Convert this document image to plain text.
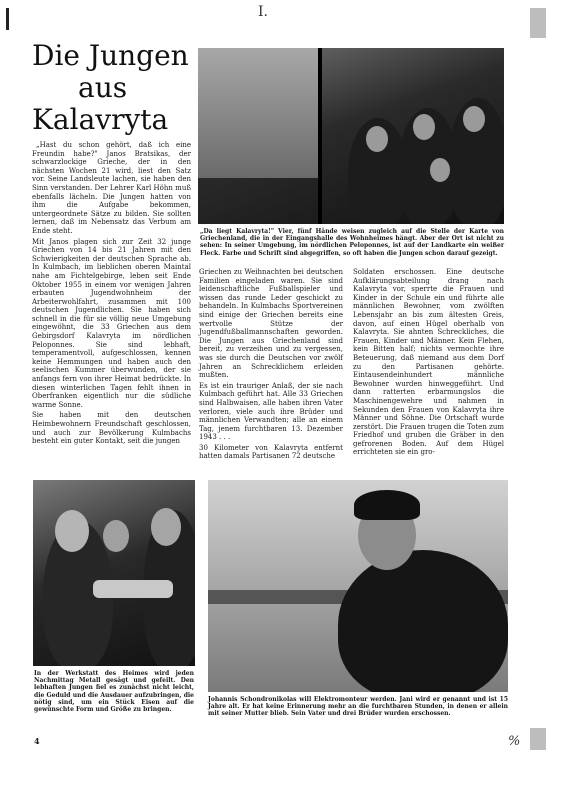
I.
Die Jungen
aus
Kalavryta
„Da liegt Kalavryta!" Vier, fünf Hände weisen zugleich auf die Stelle der Karte von Griechenland, die in der Eingangshalle des Wohnheimes hängt. Aber der Ort ist nicht zu sehen: In seiner Umgebung, im nördlichen Peloponnes, ist auf der Landkarte ein weißer Fleck. Farbe und Schrift sind abgegriffen, so oft haben die Jungen schon darauf gezeigt.

„Hast du schon gehört, daß ich eine Freundin habe?" Janos Bratsikas, der schwarzlockige Grieche, der in den nächsten Wochen 21 wird, liest den Satz vor. Seine Landsleute lachen, sie haben den Sinn verstanden. Der Lehrer Karl Höhn muß ebenfalls lächeln. Die Jungen hatten von ihm die Aufgabe bekommen, untergeordnete Sätze zu bilden. Sie sollten lernen, daß im Nebensatz das Verbum am Ende steht.

Mit Janos plagen sich zur Zeit 32 junge Griechen von 14 bis 21 Jahren mit den Schwierigkeiten der deutschen Sprache ab. In Kulmbach, im lieblichen oberen Maintal nahe am Fichtelgebirge, leben seit Ende Oktober 1955 in einem vor wenigen Jahren erbauten Jugendwohnheim der Arbeiterwohlfahrt, zusammen mit 100 deutschen Jugendlichen. Sie haben sich schnell in die für sie völlig neue Umgebung eingewöhnt, die 33 Griechen aus dem Gebirgsdorf Kalavryta im nördlichen Peloponnes. Sie sind lebhaft, temperamentvoll, aufgeschlossen, kennen keine Hemmungen und haben auch den seelischen Kummer überwunden, der sie anfangs fern von ihrer Heimat bedrückte. In diesen winterlichen Tagen fehlt ihnen in Oberfranken eigentlich nur die südliche warme Sonne.

Sie haben mit den deutschen Heimbewohnern Freundschaft geschlossen, und auch zur Bevölkerung Kulmbachs besteht ein guter Kontakt, seit die jungen

Griechen zu Weihnachten bei deutschen Familien eingeladen waren. Sie sind leidenschaftliche Fußballspieler und wissen das runde Leder geschickt zu behandeln. In Kulmbachs Sportvereinen sind einige der Griechen bereits eine wertvolle Stütze der Jugendfußballmannschaften geworden. Die Jungen aus Griechenland sind bereit, zu verzeihen und zu vergessen, was sie durch die Deutschen vor zwölf Jahren an Schrecklichem erleiden mußten.

Es ist ein trauriger Anlaß, der sie nach Kulmbach geführt hat. Alle 33 Griechen sind Halbwaisen, alle haben ihren Vater verloren, viele auch ihre Brüder und männlichen Verwandten; alle an einem Tag, jenem furchtbaren 13. Dezember 1943 . . .

30 Kilometer von Kalavryta entfernt hatten damals Partisanen 72 deutsche

Soldaten erschossen. Eine deutsche Aufklärungsabteilung drang nach Kalavryta vor, sperrte die Frauen und Kinder in der Schule ein und führte alle männlichen Bewohner, vom zwölften Lebensjahr an bis zum ältesten Greis, davon, auf einen Hügel oberhalb von Kalavryta. Sie ahnten Schreckliches, die Frauen, Kinder und Männer. Kein Flehen, kein Bitten half; nichts vermochte ihre Beteuerung, daß niemand aus dem Dorf zu den Partisanen gehörte. Eintausendeinhundert männliche Bewohner wurden hinweggeführt. Und dann ratterten erbarmungslos die Maschinengewehre und nahmen in Sekunden den Frauen von Kalavryta ihre Männer und Söhne. Die Ortschaft wurde zerstört. Die Frauen trugen die Toten zum Friedhof und gruben die Gräber in den gefrorenen Boden. Auf dem Hügel errichteten sie ein gro-

In der Werkstatt des Heimes wird jeden Nachmittag Metall gesägt und gefeilt. Den lebhaften Jungen fiel es zunächst nicht leicht, die Geduld und die Ausdauer aufzubringen, die nötig sind, um ein Stück Eisen auf die gewünschte Form und Größe zu bringen.
Johannis Schondronikolas will Elektromonteur werden. Jani wird er genannt und ist 15 Jahre alt. Er hat keine Erinnerung mehr an die furchtbaren Stunden, in denen er allein mit seiner Mutter blieb. Sein Vater und drei Brüder wurden erschossen.
4	%
